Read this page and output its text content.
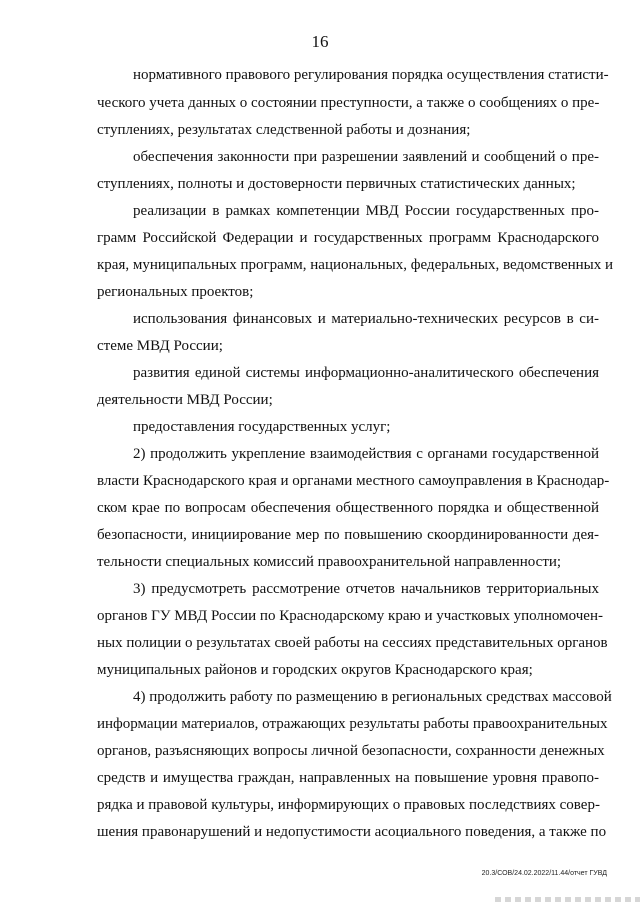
16
нормативного правового регулирования порядка осуществления статисти-
ческого учета данных о состоянии преступности, а также о сообщениях о пре-
ступлениях, результатах следственной работы и дознания;
обеспечения законности при разрешении заявлений и сообщений о пре-
ступлениях, полноты и достоверности первичных статистических данных;
реализации в рамках компетенции МВД России государственных про-
грамм Российской Федерации и государственных программ Краснодарского
края, муниципальных программ, национальных, федеральных, ведомственных и
региональных проектов;
использования финансовых и материально-технических ресурсов в си-
стеме МВД России;
развития единой системы информационно-аналитического обеспечения
деятельности МВД России;
предоставления государственных услуг;
2) продолжить укрепление взаимодействия с органами государственной
власти Краснодарского края и органами местного самоуправления в Краснодар-
ском крае по вопросам обеспечения общественного порядка и общественной
безопасности, инициирование мер по повышению скоординированности дея-
тельности специальных комиссий правоохранительной направленности;
3) предусмотреть рассмотрение отчетов начальников территориальных
органов ГУ МВД России по Краснодарскому краю и участковых уполномочен-
ных полиции о результатах своей работы на сессиях представительных органов
муниципальных районов и городских округов Краснодарского края;
4) продолжить работу по размещению в региональных средствах массовой
информации материалов, отражающих результаты работы правоохранительных
органов, разъясняющих вопросы личной безопасности, сохранности денежных
средств и имущества граждан, направленных на повышение уровня правопо-
рядка и правовой культуры, информирующих о правовых последствиях совер-
шения правонарушений и недопустимости асоциального поведения, а также по
20.3/СОВ/24.02.2022/11.44/отчет ГУВД
